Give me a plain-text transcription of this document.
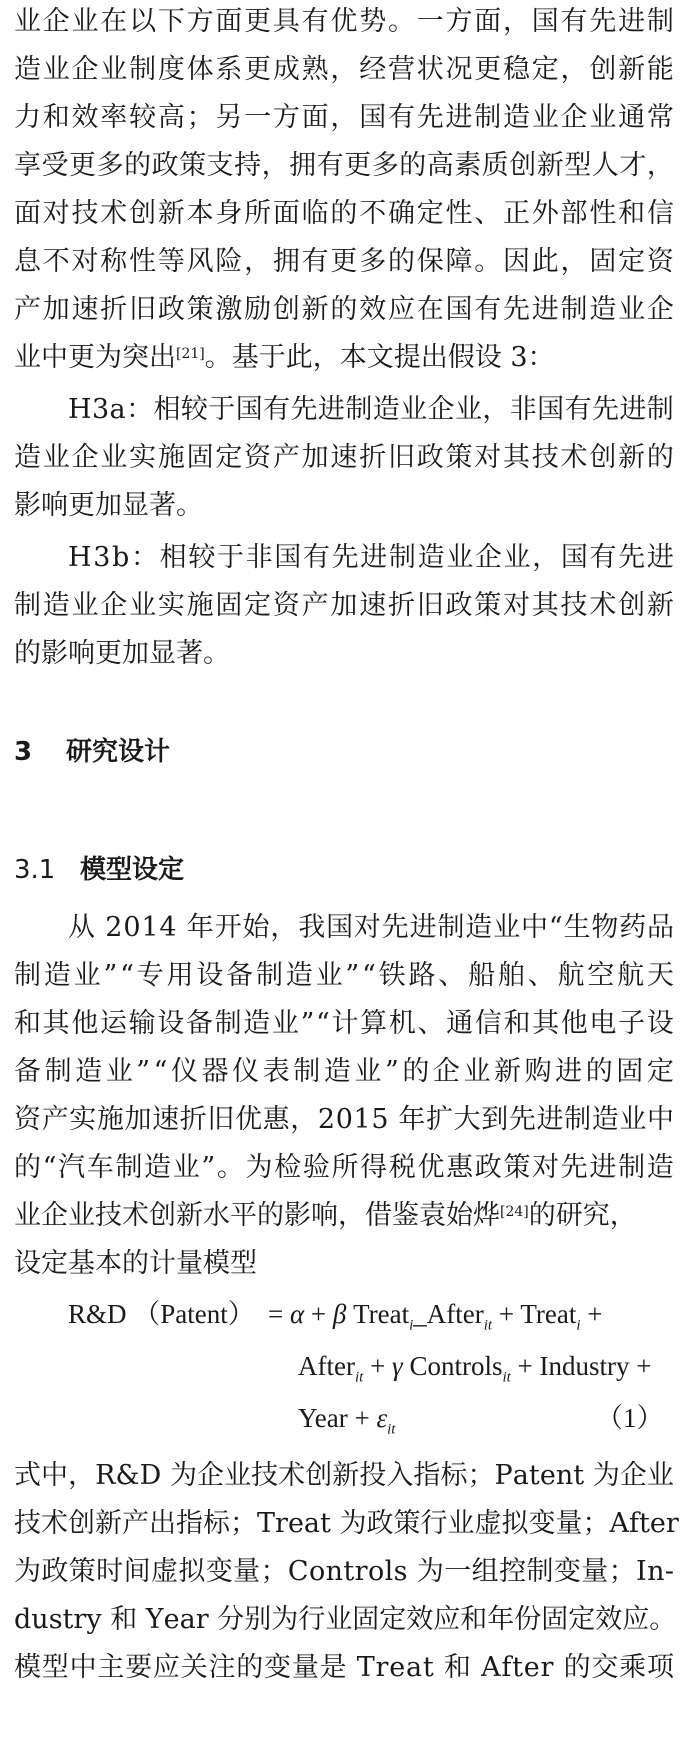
业 企 业 在 以 下 方 面 更 具 有 优 势 。 一 方 面 ， 国 有 先 进 制
造 业 企 业 制 度 体 系 更 成 熟 ， 经 营 状 况 更 稳 定 ， 创 新 能
力 和 效 率 较 高 ； 另 一 方 面 ， 国 有 先 进 制 造 业 企 业 通 常
享 受 更 多 的 政 策 支 持 ， 拥 有 更 多 的 高 素 质 创 新 型 人 才 ，
面 对 技 术 创 新 本 身 所 面 临 的 不 确 定 性 、 正 外 部 性 和 信
息 不 对 称 性 等 风 险 ， 拥 有 更 多 的 保 障 。 因 此 ， 固 定 资
产 加 速 折 旧 政 策 激 励 创 新 的 效 应 在 国 有 先 进 制 造 业 企
业中更为突出[21] 。基于此，本文提出假设 3：
H 3 a ： 相 较 于 国 有 先 进 制 造 业 企 业 ， 非 国 有 先 进 制
造 业 企 业 实 施 固 定 资 产 加 速 折 旧 政 策 对 其 技 术 创 新 的
影响更加显著。
H 3 b ： 相 较 于 非 国 有 先 进 制 造 业 企 业 ， 国 有 先 进
制 造 业 企 业 实 施 固 定 资 产 加 速 折 旧 政 策 对 其 技 术 创 新
的影响更加显著。
3 研究设计
3.1 模型设定
从
2 0 1 4
年 开 始 ， 我 国 对 先 进 制 造 业 中 “ 生 物 药 品
制 造 业 ” “ 专 用 设 备 制 造 业 ” “ 铁 路 、 船 舶 、 航 空 航 天
和 其 他 运 输 设 备 制 造 业 ” “ 计 算 机 、 通 信 和 其 他 电 子 设
备 制 造 业 ” “ 仪 器 仪 表 制 造 业 ” 的 企 业 新 购 进 的 固 定
资 产 实 施 加 速 折 旧 优 惠 ， 2 0 1 5
年 扩 大 到 先 进 制 造 业 中
的 “ 汽 车 制 造 业 ” 。 为 检 验 所 得 税 优 惠 政 策 对 先 进 制 造
业企业技术创新水平的影响，借鉴袁始烨[24] 的研究，
设定基本的计量模型
R&D （Patent） = α + β Treat$_i$_After$_{it}$ + Treat$_i$ +
After$_{it}$ + γ Controls$_{it}$ + Industry +
Year + $\varepsilon_{it}$	（1）
式 中 ， R & D
为 企 业 技 术 创 新 投 入 指 标 ； P a t e n t
为 企 业
技 术 创 新 产 出 指 标 ； T r e a t
为 政 策 行 业 虚 拟 变 量 ； A f t e r
为 政 策 时 间 虚 拟 变 量 ； C o n t r o l s
为 一 组 控 制 变 量 ； I n -
d u s t r y
和
Y e a r
分 别 为 行 业 固 定 效 应 和 年 份 固 定 效 应 。
模 型 中 主 要 应 关 注 的 变 量 是
T r e a t
和
A f t e r
的 交 乘 项
